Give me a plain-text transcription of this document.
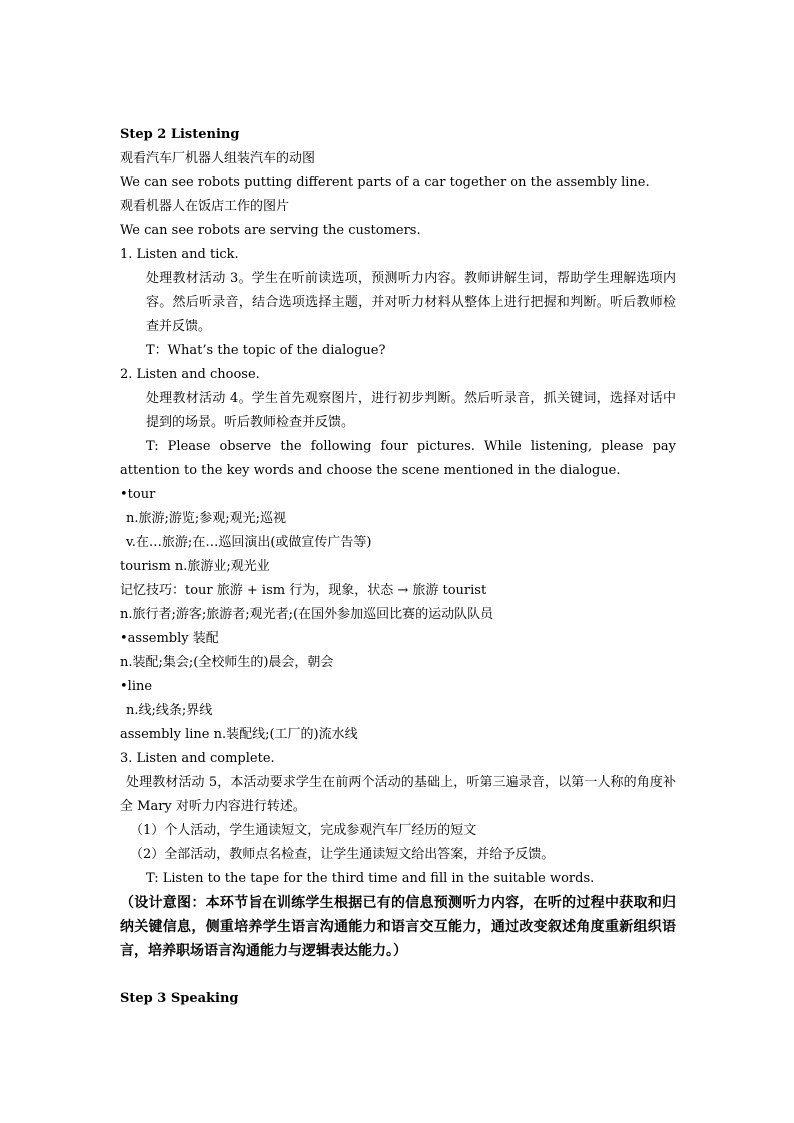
Step 2 Listening
观看汽车厂机器人组装汽车的动图
We can see robots putting different parts of a car together on the assembly line.
观看机器人在饭店工作的图片
We can see robots are serving the customers.
1. Listen and tick.
处理教材活动 3。学生在听前读选项，预测听力内容。教师讲解生词，帮助学生理解选项内容。然后听录音，结合选项选择主题，并对听力材料从整体上进行把握和判断。听后教师检查并反馈。
T：What’s the topic of the dialogue?
2. Listen and choose.
处理教材活动 4。学生首先观察图片，进行初步判断。然后听录音，抓关键词，选择对话中提到的场景。听后教师检查并反馈。
T: Please observe the following four pictures. While listening, please pay attention to the key words and choose the scene mentioned in the dialogue.
•tour
n.旅游;游览;参观;观光;巡视
v.在…旅游;在…巡回演出(或做宣传广告等)
tourism n.旅游业;观光业
记忆技巧：tour 旅游 + ism 行为，现象，状态 → 旅游 tourist
n.旅行者;游客;旅游者;观光者;(在国外参加巡回比赛的运动队队员
•assembly 装配
n.装配;集会;(全校师生的)晨会，朝会
•line
n.线;线条;界线
assembly line n.装配线;(工厂的)流水线
3. Listen and complete.
处理教材活动 5，本活动要求学生在前两个活动的基础上，听第三遍录音，以第一人称的角度补全 Mary 对听力内容进行转述。
（1）个人活动，学生通读短文，完成参观汽车厂经历的短文
（2）全部活动，教师点名检查，让学生通读短文给出答案，并给予反馈。
T: Listen to the tape for the third time and fill in the suitable words.
（设计意图：本环节旨在训练学生根据已有的信息预测听力内容，在听的过程中获取和归纳关键信息，侧重培养学生语言沟通能力和语言交互能力，通过改变叙述角度重新组织语言，培养职场语言沟通能力与逻辑表达能力。）
Step 3 Speaking
